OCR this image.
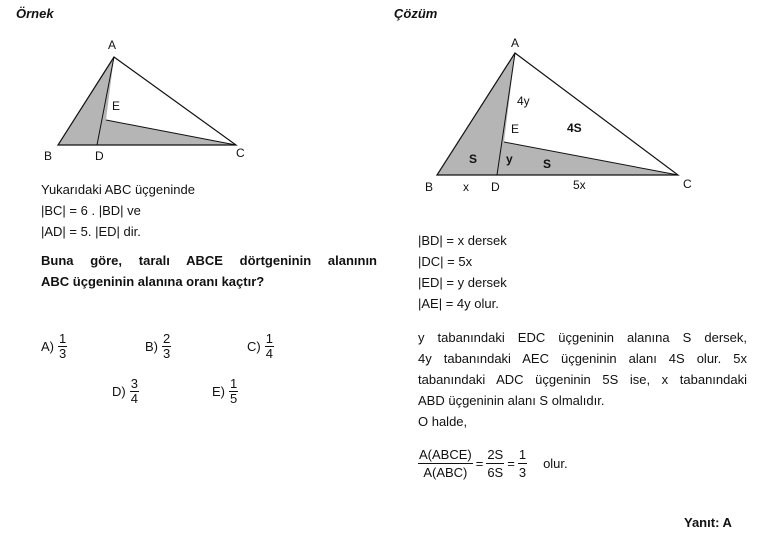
Örnek
A
B	C
D
E
Yukarıdaki ABC üçgeninde
|BC| = 6 . |BD| ve
|AD| = 5. |ED| dir.
Buna göre, taralı ABCE dörtgeninin alanının
ABC üçgeninin alanına oranı kaçtır?
$A) \frac{1}{3}$	$B) \frac{2}{3}$	$C) \frac{1}{4}$
$D) \frac{3}{4}$	$E) \frac{1}{5}$
Çözüm
A
B	C
D
E
4y
4S
S y	S
x	5x
|BD| = x dersek
|DC| = 5x
|ED| = y dersek
|AE| = 4y olur.
y tabanındaki EDC üçgeninin alanına S dersek,
4y tabanındaki AEC üçgeninin alanı 4S olur. 5x
tabanındaki ADC üçgeninin 5S ise, x tabanındaki
ABD üçgeninin alanı S olmalıdır.
O halde,
$\frac{\text{A(ABCE)}}{\text{A(ABC)}} = \frac{2S}{6S} = \frac{1}{3}$ olur.
Yanıt: A
